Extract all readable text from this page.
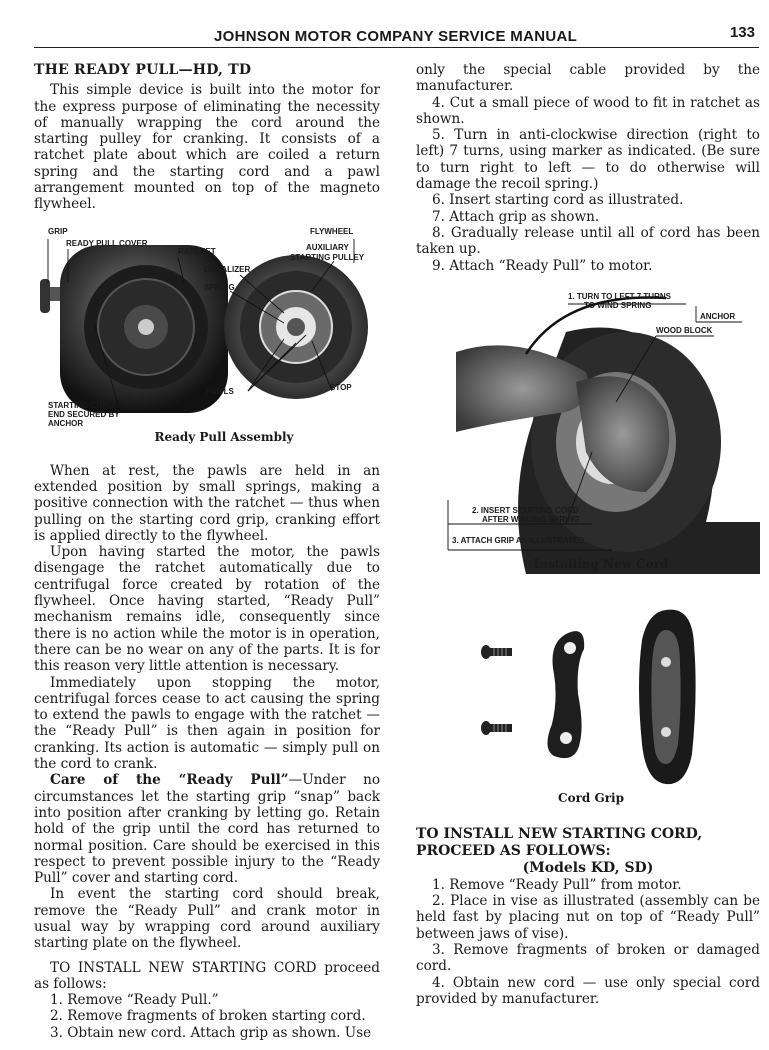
JOHNSON MOTOR COMPANY SERVICE MANUAL	133
THE READY PULL—HD, TD

This simple device is built into the motor for the express purpose of eliminating the necessity of manually wrapping the cord around the starting pulley for cranking. It consists of a ratchet plate about which are coiled a return spring and the starting cord and a pawl arrangement mounted on top of the magneto flywheel.

GRIP
READY PULL COVER
RATCHET
FLYWHEEL
AUXILIARY
STARTING PULLEY
EQUALIZER
SPRING
PAWLS	STOP
STARTING CORD
END SECURED BY
ANCHOR
Ready Pull Assembly

When at rest, the pawls are held in an extended position by small springs, making a positive connection with the ratchet — thus when pulling on the starting cord grip, cranking effort is applied directly to the flywheel.

Upon having started the motor, the pawls disengage the ratchet automatically due to centrifugal force created by rotation of the flywheel. Once having started, “Ready Pull” mechanism remains idle, consequently since there is no action while the motor is in operation, there can be no wear on any of the parts. It is for this reason very little attention is necessary.

Immediately upon stopping the motor, centrifugal forces cease to act causing the spring to extend the pawls to engage with the ratchet — the “Ready Pull” is then again in position for cranking. Its action is automatic — simply pull on the cord to crank.

Care of the “Ready Pull”—Under no circumstances let the starting grip “snap” back into position after cranking by letting go. Retain hold of the grip until the cord has returned to normal position. Care should be exercised in this respect to prevent possible injury to the “Ready Pull” cover and starting cord.

In event the starting cord should break, remove the “Ready Pull” and crank motor in usual way by wrapping cord around auxiliary starting plate on the flywheel.

TO INSTALL NEW STARTING CORD proceed as follows:

1. Remove “Ready Pull.”

2. Remove fragments of broken starting cord.

3. Obtain new cord. Attach grip as shown. Use

only the special cable provided by the manufacturer.

4. Cut a small piece of wood to fit in ratchet as shown.

5. Turn in anti-clockwise direction (right to left) 7 turns, using marker as indicated. (Be sure to turn right to left — to do otherwise will damage the recoil spring.)

6. Insert starting cord as illustrated.

7. Attach grip as shown.

8. Gradually release until all of cord has been taken up.

9. Attach “Ready Pull” to motor.

1. TURN TO LEFT 7 TURNS
TO WIND SPRING
ANCHOR
WOOD BLOCK
2. INSERT STARTING CORD
AFTER WINDING SPRING
3. ATTACH GRIP AS ILLUSTRATED
Installing New Cord
Cord Grip
TO INSTALL NEW STARTING CORD,
PROCEED AS FOLLOWS:
(Models KD, SD)

1. Remove “Ready Pull” from motor.

2. Place in vise as illustrated (assembly can be held fast by placing nut on top of “Ready Pull” between jaws of vise).

3. Remove fragments of broken or damaged cord.

4. Obtain new cord — use only special cord provided by manufacturer.
